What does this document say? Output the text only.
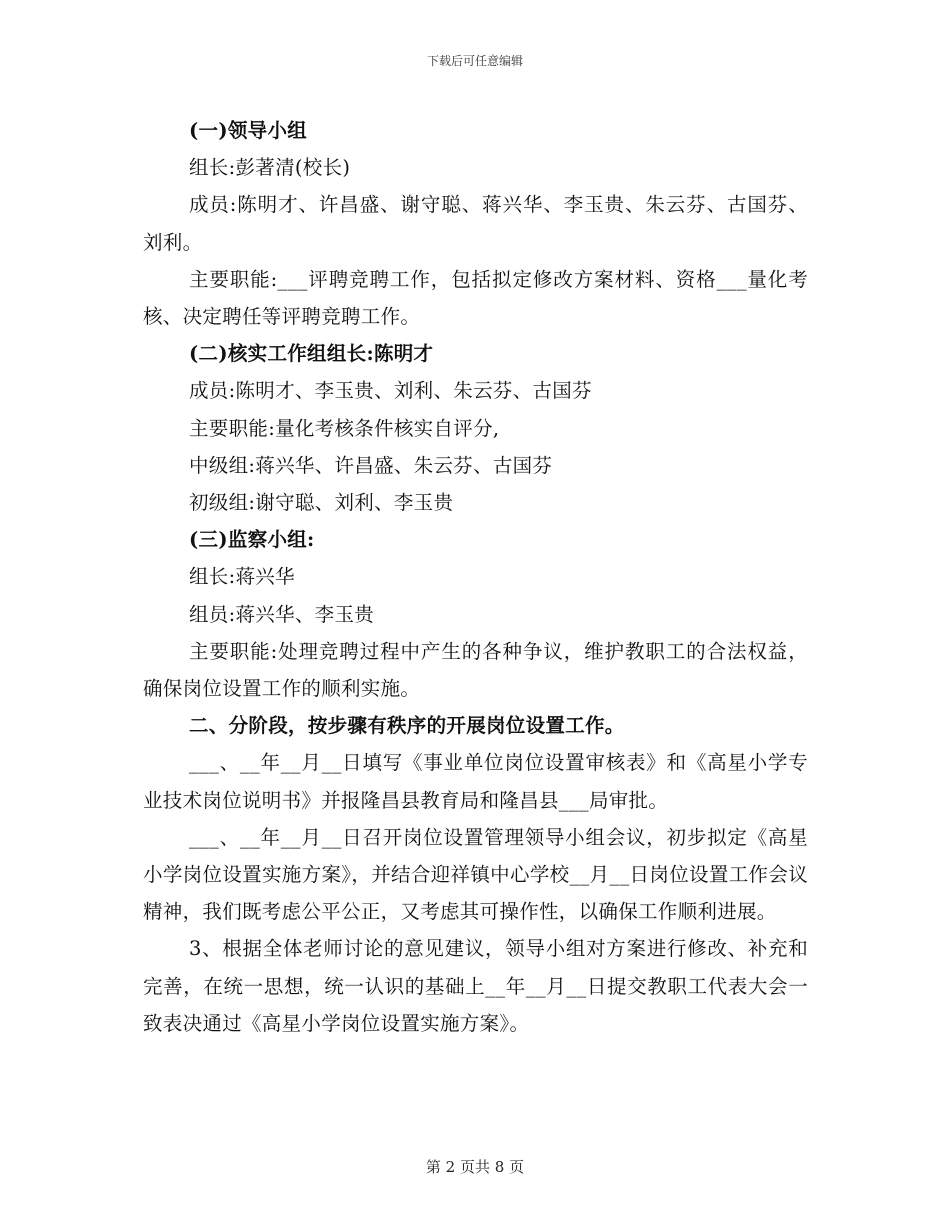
下载后可任意编辑

(一)领导小组

组长:彭著清(校长)

成员:陈明才、许昌盛、谢守聪、蒋兴华、李玉贵、朱云芬、古国芬、刘利。

主要职能:___评聘竞聘工作，包括拟定修改方案材料、资格___量化考核、决定聘任等评聘竞聘工作。

(二)核实工作组组长:陈明才

成员:陈明才、李玉贵、刘利、朱云芬、古国芬

主要职能:量化考核条件核实自评分,

中级组:蒋兴华、许昌盛、朱云芬、古国芬

初级组:谢守聪、刘利、李玉贵

(三)监察小组:

组长:蒋兴华

组员:蒋兴华、李玉贵

主要职能:处理竞聘过程中产生的各种争议，维护教职工的合法权益，确保岗位设置工作的顺利实施。

二、分阶段，按步骤有秩序的开展岗位设置工作。

___、__年__月__日填写《事业单位岗位设置审核表》和《高星小学专业技术岗位说明书》并报隆昌县教育局和隆昌县___局审批。

___、__年__月__日召开岗位设置管理领导小组会议，初步拟定《高星小学岗位设置实施方案》，并结合迎祥镇中心学校__月__日岗位设置工作会议精神，我们既考虑公平公正，又考虑其可操作性，以确保工作顺利进展。

3、根据全体老师讨论的意见建议，领导小组对方案进行修改、补充和完善，在统一思想，统一认识的基础上__年__月__日提交教职工代表大会一致表决通过《高星小学岗位设置实施方案》。

第 2 页共 8 页
